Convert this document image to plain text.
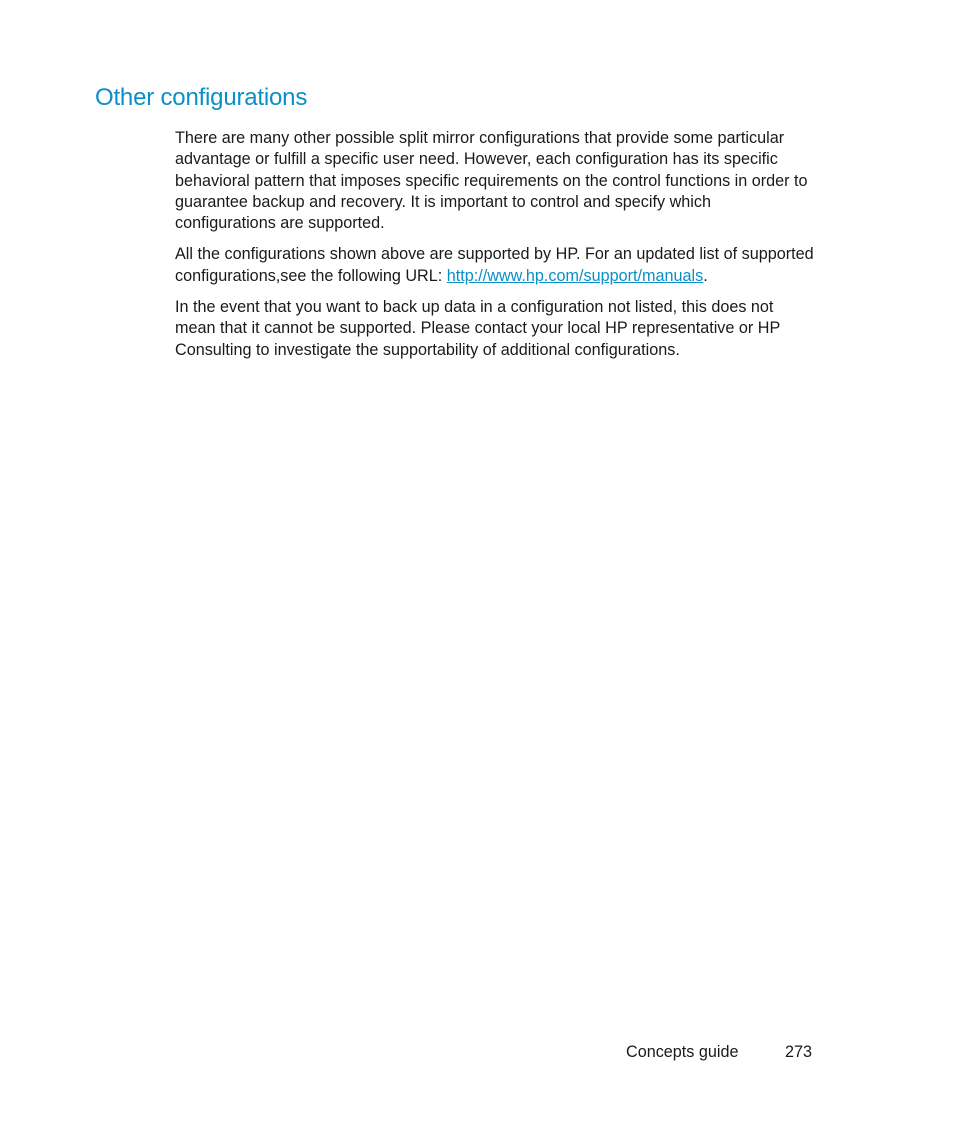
Other configurations

There are many other possible split mirror configurations that provide some particular advantage or fulfill a specific user need. However, each configuration has its specific behavioral pattern that imposes specific requirements on the control functions in order to guarantee backup and recovery. It is important to control and specify which configurations are supported.

All the configurations shown above are supported by HP. For an updated list of supported configurations,see the following URL: http://www.hp.com/support/manuals.

In the event that you want to back up data in a configuration not listed, this does not mean that it cannot be supported. Please contact your local HP representative or HP Consulting to investigate the supportability of additional configurations.

Concepts guide	273
